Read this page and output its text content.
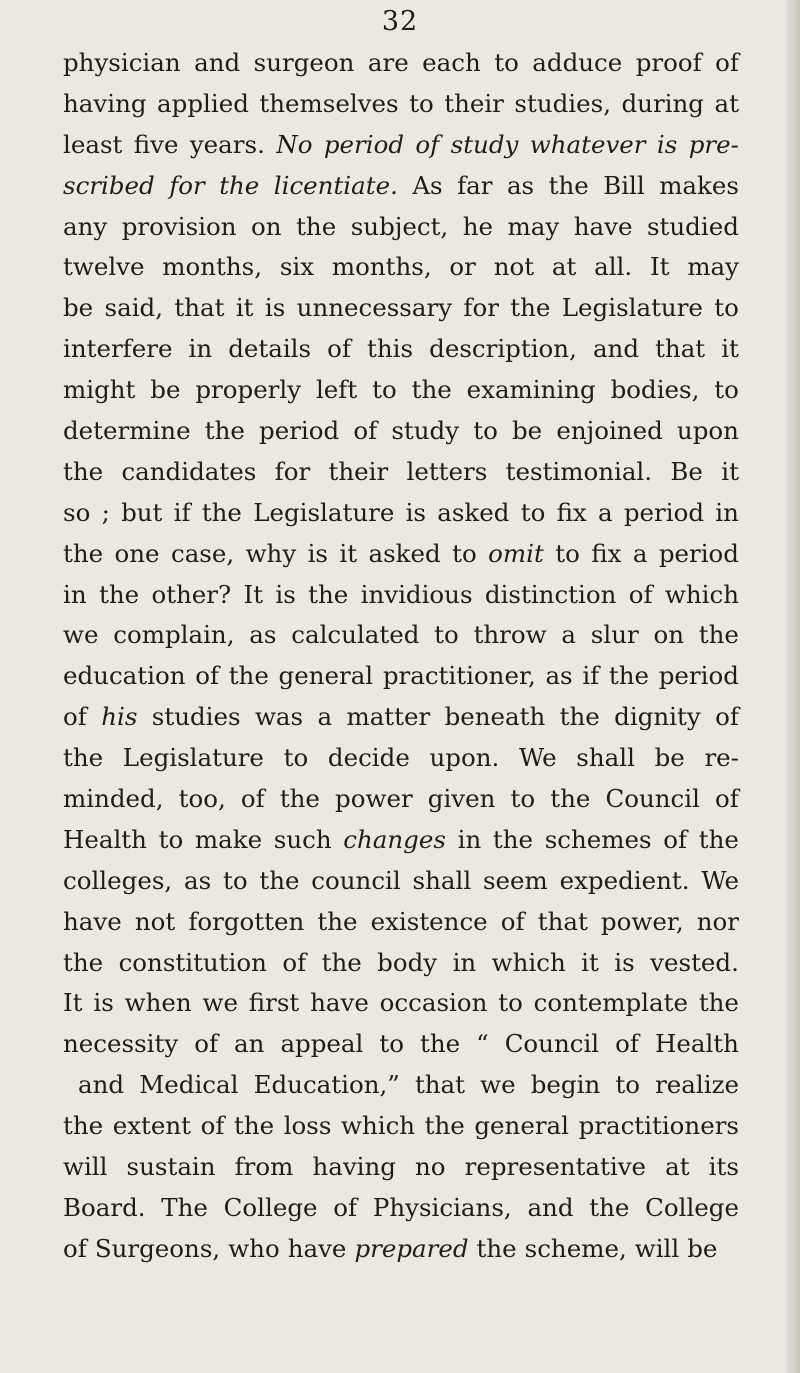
32
physician and surgeon are each to adduce proof of
having applied themselves to their studies, during at
least five years. No period of study whatever is pre-
scribed for the licentiate. As far as the Bill makes
any provision on the subject, he may have studied
twelve months, six months, or not at all. It may
be said, that it is unnecessary for the Legislature to
interfere in details of this description, and that it
might be properly left to the examining bodies, to
determine the period of study to be enjoined upon
the candidates for their letters testimonial. Be it
so ; but if the Legislature is asked to fix a period in
the one case, why is it asked to omit to fix a period
in the other? It is the invidious distinction of which
we complain, as calculated to throw a slur on the
education of the general practitioner, as if the period
of his studies was a matter beneath the dignity of
the Legislature to decide upon. We shall be re-
minded, too, of the power given to the Council of
Health to make such changes in the schemes of the
colleges, as to the council shall seem expedient. We
have not forgotten the existence of that power, nor
the constitution of the body in which it is vested.
It is when we first have occasion to contemplate the
necessity of an appeal to the “ Council of Health
and Medical Education,” that we begin to realize
the extent of the loss which the general practitioners
will sustain from having no representative at its
Board. The College of Physicians, and the College
of Surgeons, who have prepared the scheme, will be
